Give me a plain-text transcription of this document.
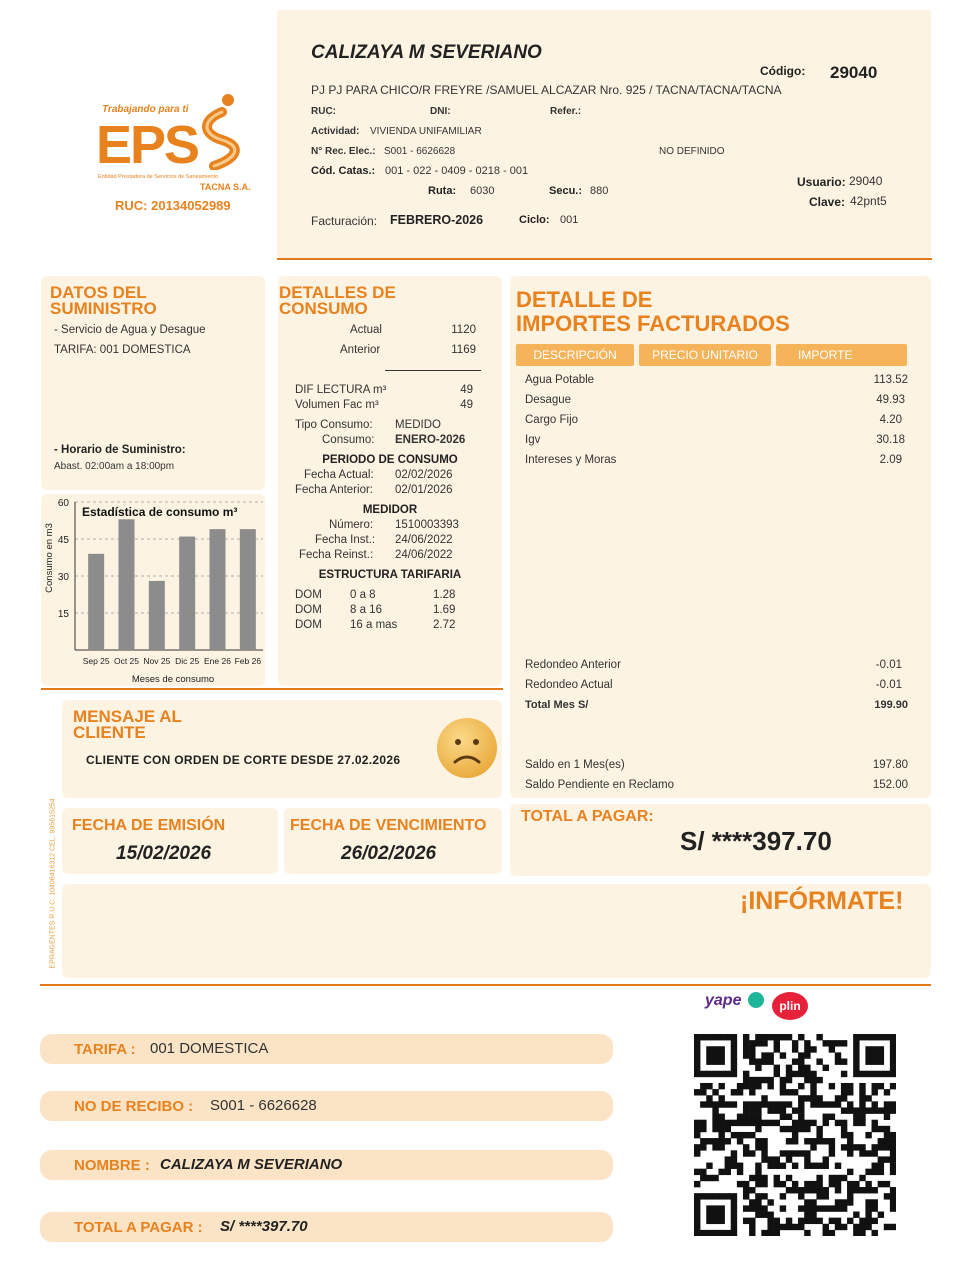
Trabajando para ti
EPS
Entidad Prestadora de Servicios de Saneamiento
TACNA S.A.
RUC: 20134052989
CALIZAYA M SEVERIANO
Código: 29040
PJ PJ PARA CHICO/R FREYRE /SAMUEL ALCAZAR Nro. 925 / TACNA/TACNA/TACNA
RUC:	DNI:	Refer.:
Actividad: VIVIENDA UNIFAMILIAR
N° Rec. Elec.: S001 - 6626628	NO DEFINIDO
Cód. Catas.: 001 - 022 - 0409 - 0218 - 001
Ruta: 6030	Secu.: 880
Usuario: 29040
Clave: 42pnt5
Facturación: FEBRERO-2026	Ciclo: 001
DATOS DEL
SUMINISTRO
- Servicio de Agua y Desague
TARIFA: 001 DOMESTICA
- Horario de Suministro:
Abast. 02:00am a 18:00pm
60
45
30
15
Sep 25 Oct 25 Nov 25 Dic 25 Ene 26 Feb 26
Estadística de consumo m³
Meses de consumo
Consumo en m3
DETALLES DE
CONSUMO
Actual	1120
Anterior	1169
DIF LECTURA m³	49
Volumen Fac m³	49
Tipo Consumo: MEDIDO
Consumo: ENERO-2026
PERIODO DE CONSUMO
Fecha Actual: 02/02/2026
Fecha Anterior: 02/01/2026
MEDIDOR
Número: 1510003393
Fecha Inst.: 24/06/2022
Fecha Reinst.: 24/06/2022
ESTRUCTURA TARIFARIA
DOM 0 a 8	1.28
DOM 8 a 16	1.69
DOM 16 a mas	2.72
DETALLE DE
IMPORTES FACTURADOS
DESCRIPCIÓN	PRECIO UNITARIO	IMPORTE
Agua Potable	113.52
Desague	49.93
Cargo Fijo	4.20
Igv	30.18
Intereses y Moras	2.09
Redondeo Anterior	-0.01
Redondeo Actual	-0.01
Total Mes S/	199.90
Saldo en 1 Mes(es)	197.80
Saldo Pendiente en Reclamo	152.00
MENSAJE AL
CLIENTE
CLIENTE CON ORDEN DE CORTE DESDE 27.02.2026
EPRAGENTES R.U.C. 10406416312 CEL. 995615254 FECHA DE EMISIÓN
15/02/2026
FECHA DE VENCIMIENTO
26/02/2026
TOTAL A PAGAR:
S/ ****397.70
¡INFÓRMATE!
yape	plin
TARIFA : 001 DOMESTICA
NO DE RECIBO : S001 - 6626628
NOMBRE : CALIZAYA M SEVERIANO
TOTAL A PAGAR : S/ ****397.70
